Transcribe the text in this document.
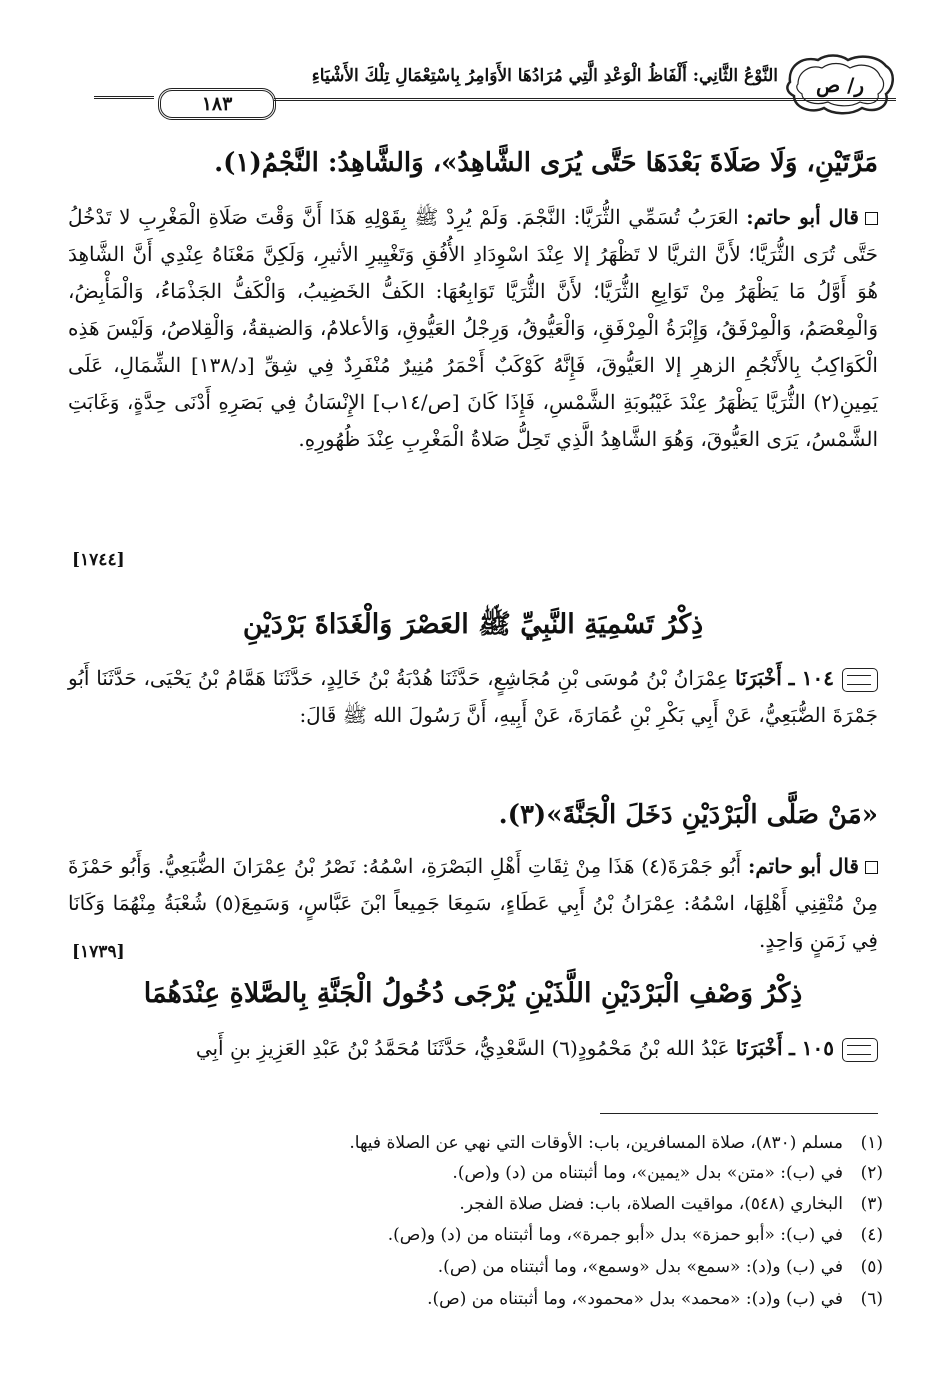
ر/ ص
النَّوْعُ الثَّانِي: أَلْفَاظُ الْوَعْدِ الَّتِي مُرَادُهَا الأَوَامِرُ بِاسْتِعْمَالِ تِلْكَ الأَشْيَاءِ
١٨٣
مَرَّتَيْنِ، وَلَا صَلَاةَ بَعْدَهَا حَتَّى يُرَى الشَّاهِدُ»، وَالشَّاهِدُ: النَّجْمُ(١).
قال أبو حاتم: العَرَبُ تُسَمِّي الثُّرَيَّا: النَّجْمَ. وَلَمْ يُرِدْ ﷺ بِقَوْلِهِ هَذَا أَنَّ وَقْتَ صَلَاةِ الْمَغْرِبِ لا تَدْخُلُ حَتَّى تُرَى الثُّرَيَّا؛ لأَنَّ الثريَّا لا تَظْهَرُ إلا عِنْدَ اسْوِدَادِ الأُفُقِ وَتَغْيِيرِ الأثيرِ، وَلَكِنَّ مَعْنَاهُ عِنْدِي أَنَّ الشَّاهِدَ هُوَ أَوَّلُ مَا يَظْهَرُ مِنْ تَوَابِعِ الثُّرَيَّا؛ لأَنَّ الثُّرَيَّا تَوَابِعُهَا: الكَفُّ الخَضِيبُ، وَالْكَفُّ الجَذْمَاءُ، وَالْمَأْبِضُ، وَالْمِعْصَمُ، وَالْمِرْفَقُ، وَإِبْرَةُ الْمِرْفَقِ، وَالْعَيُّوقُ، وَرِجْلُ العَيُّوقِ، وَالأعلامُ، وَالضيقةُ، وَالْقِلاصُ، وَلَيْسَ هَذِه الْكَوَاكِبُ بِالأَنْجُمِ الزهرِ إلا العَيُّوقَ، فَإِنَّهُ كَوْكَبٌ أَحْمَرُ مُنِيرٌ مُنْفَرِدٌ فِي شِقِّ [د/١٣٨] الشِّمَالِ، عَلَى يَمِينِ(٢) الثُّرَيَّا يَظْهَرُ عِنْدَ غَيْبُوبَةِ الشَّمْسِ، فَإِذَا كَانَ [ص/١٤ب] الإِنْسَانُ فِي بَصَرِهِ أَدْنَى حِدَّةٍ، وَغَابَتِ الشَّمْسُ، يَرَى العَيُّوقَ، وَهُوَ الشَّاهِدُ الَّذِي تَحِلُّ صَلاةُ الْمَغْرِبِ عِنْدَ ظُهُورِهِ.
[١٧٤٤]
ذِكْرُ تَسْمِيَةِ النَّبِيِّ ﷺ العَصْرَ وَالْغَدَاةَ بَرْدَيْنِ
١٠٤ ـ أَخْبَرَنَا عِمْرَانُ بْنُ مُوسَى بْنِ مُجَاشِعٍ، حَدَّثَنَا هُدْبَةُ بْنُ خَالِدٍ، حَدَّثَنَا هَمَّامُ بْنُ يَحْيَى، حَدَّثَنَا أَبُو جَمْرَةَ الضُّبَعِيُّ، عَنْ أَبِي بَكْرِ بْنِ عُمَارَةَ، عَنْ أَبِيهِ، أَنَّ رَسُولَ الله ﷺ قَالَ:
«مَنْ صَلَّى الْبَرْدَيْنِ دَخَلَ الْجَنَّةَ»(٣).
قال أبو حاتم: أَبُو جَمْرَةَ(٤) هَذَا مِنْ ثِقَاتِ أَهْلِ البَصْرَةِ، اسْمُهُ: نَصْرُ بْنُ عِمْرَانَ الضُّبَعِيُّ. وَأَبُو حَمْزَةَ مِنْ مُتْقِنِي أَهْلِهَا، اسْمُهُ: عِمْرَانُ بْنُ أَبِي عَطَاءٍ، سَمِعَا جَمِيعاً ابْنَ عَبَّاسٍ، وَسَمِعَ(٥) شُعْبَةُ مِنْهُمَا وَكَانَا فِي زَمَنٍ وَاحِدٍ.
[١٧٣٩]
ذِكْرُ وَصْفِ الْبَرْدَيْنِ اللَّذَيْنِ يُرْجَى دُخُولُ الْجَنَّةِ بِالصَّلاةِ عِنْدَهُمَا
١٠٥ ـ أَخْبَرَنَا عَبْدُ الله بْنُ مَحْمُودٍ(٦) السَّعْدِيُّ، حَدَّثَنَا مُحَمَّدُ بْنُ عَبْدِ العَزِيزِ بنِ أَبِي
(١)مسلم (٨٣٠)، صلاة المسافرين، باب: الأوقات التي نهي عن الصلاة فيها.
(٢)في (ب): «متن» بدل «يمين»، وما أثبتناه من (د) و(ص).
(٣)البخاري (٥٤٨)، مواقيت الصلاة، باب: فضل صلاة الفجر.
(٤)في (ب): «أبو حمزة» بدل «أبو جمرة»، وما أثبتناه من (د) و(ص).
(٥)في (ب) و(د): «سمع» بدل «وسمع»، وما أثبتناه من (ص).
(٦)في (ب) و(د): «محمد» بدل «محمود»، وما أثبتناه من (ص).
